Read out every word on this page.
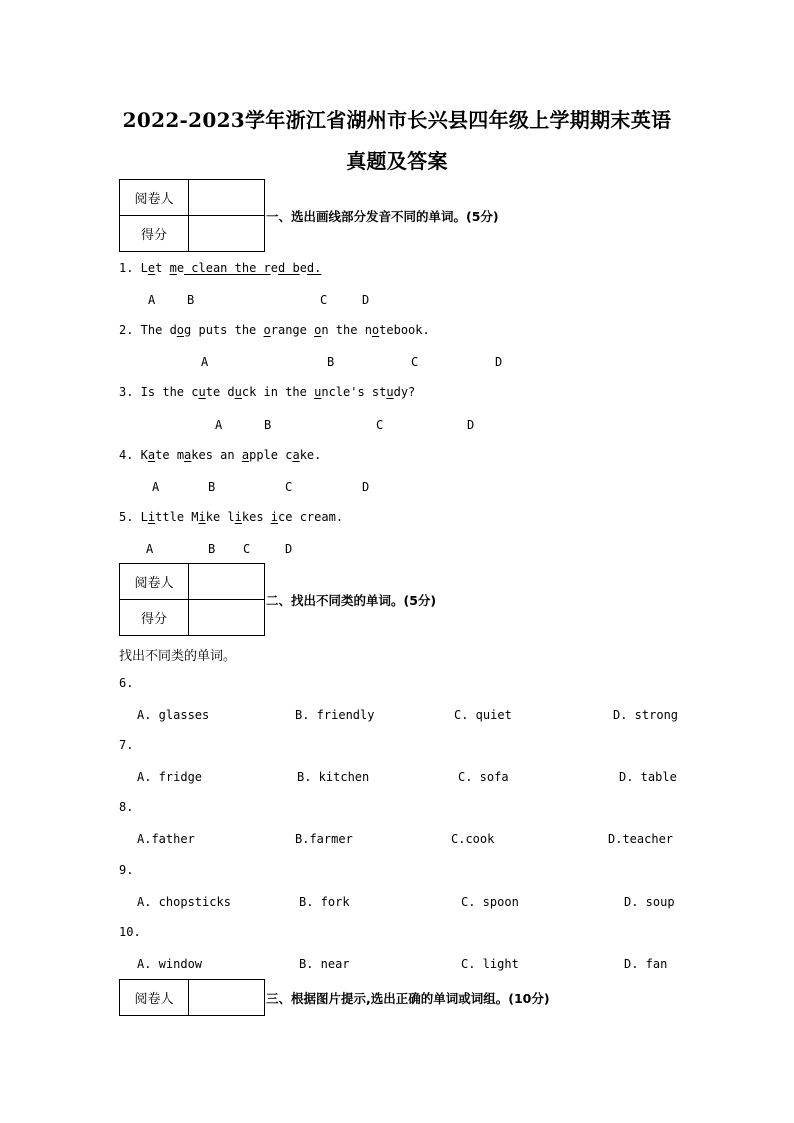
2022-2023学年浙江省湖州市长兴县四年级上学期期末英语
真题及答案
阅卷人	
得分	
一、选出画线部分发音不同的单词。(5分)
1. Let me clean the red bed.
2. The dog puts the orange on the notebook.
3. Is the cute duck in the uncle's study?
4. Kate makes an apple cake.
5. Little Mike likes ice cream.
A	B	C	D
A	B	C	D
A	B	C	D
A	B	C	D
A	B C	D
阅卷人	
得分	
二、找出不同类的单词。(5分)
找出不同类的单词。
6.
A. glasses	B. friendly	C. quiet	D. strong
7.
A. fridge	B. kitchen	C. sofa	D. table
8.
A.father	B.farmer	C.cook	D.teacher
9.
A. chopsticks	B. fork	C. spoon	D. soup
10.
A. window	B. near	C. light	D. fan
阅卷人		三、根据图片提示,选出正确的单词或词组。(10分)
